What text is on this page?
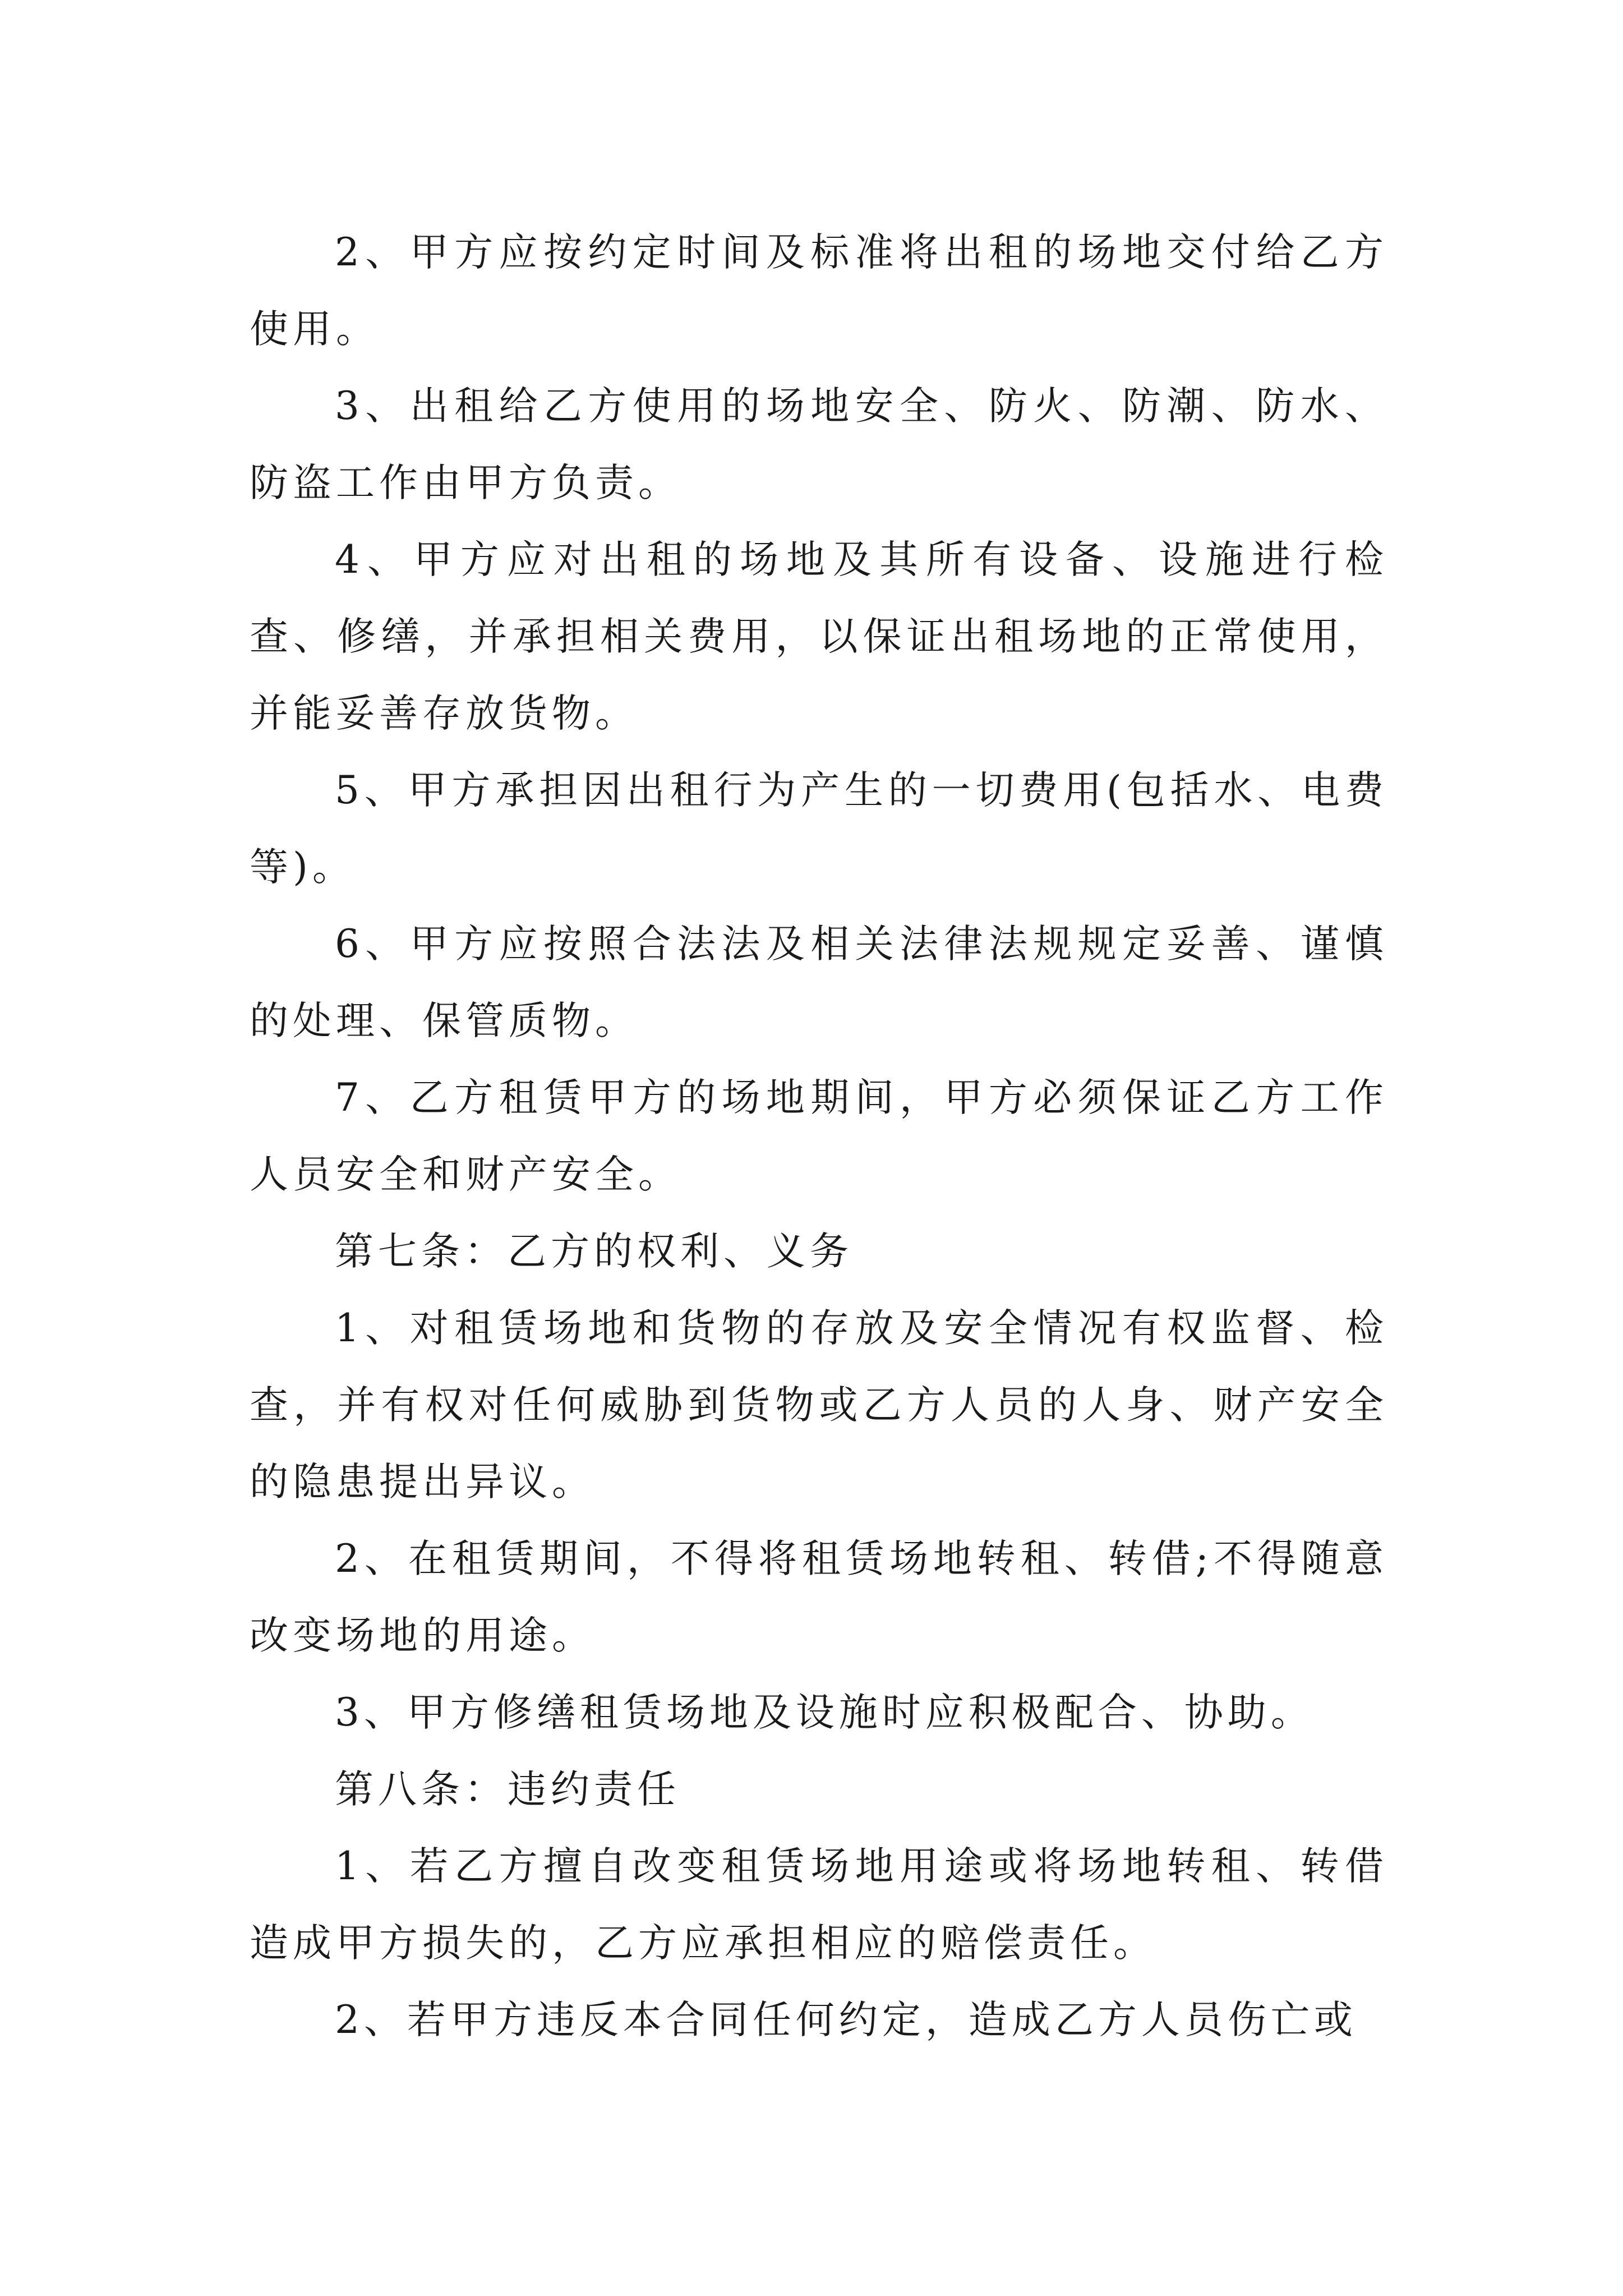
2、甲方应按约定时间及标准将出租的场地交付给乙方使用。

3、出租给乙方使用的场地安全、防火、防潮、防水、防盗工作由甲方负责。

4、甲方应对出租的场地及其所有设备、设施进行检查、修缮，并承担相关费用，以保证出租场地的正常使用，并能妥善存放货物。

5、甲方承担因出租行为产生的一切费用(包括水、电费等)。

6、甲方应按照合法法及相关法律法规规定妥善、谨慎的处理、保管质物。

7、乙方租赁甲方的场地期间，甲方必须保证乙方工作人员安全和财产安全。

第七条：乙方的权利、义务

1、对租赁场地和货物的存放及安全情况有权监督、检查，并有权对任何威胁到货物或乙方人员的人身、财产安全的隐患提出异议。

2、在租赁期间，不得将租赁场地转租、转借;不得随意改变场地的用途。

3、甲方修缮租赁场地及设施时应积极配合、协助。

第八条：违约责任

1、若乙方擅自改变租赁场地用途或将场地转租、转借造成甲方损失的，乙方应承担相应的赔偿责任。

2、若甲方违反本合同任何约定，造成乙方人员伤亡或
